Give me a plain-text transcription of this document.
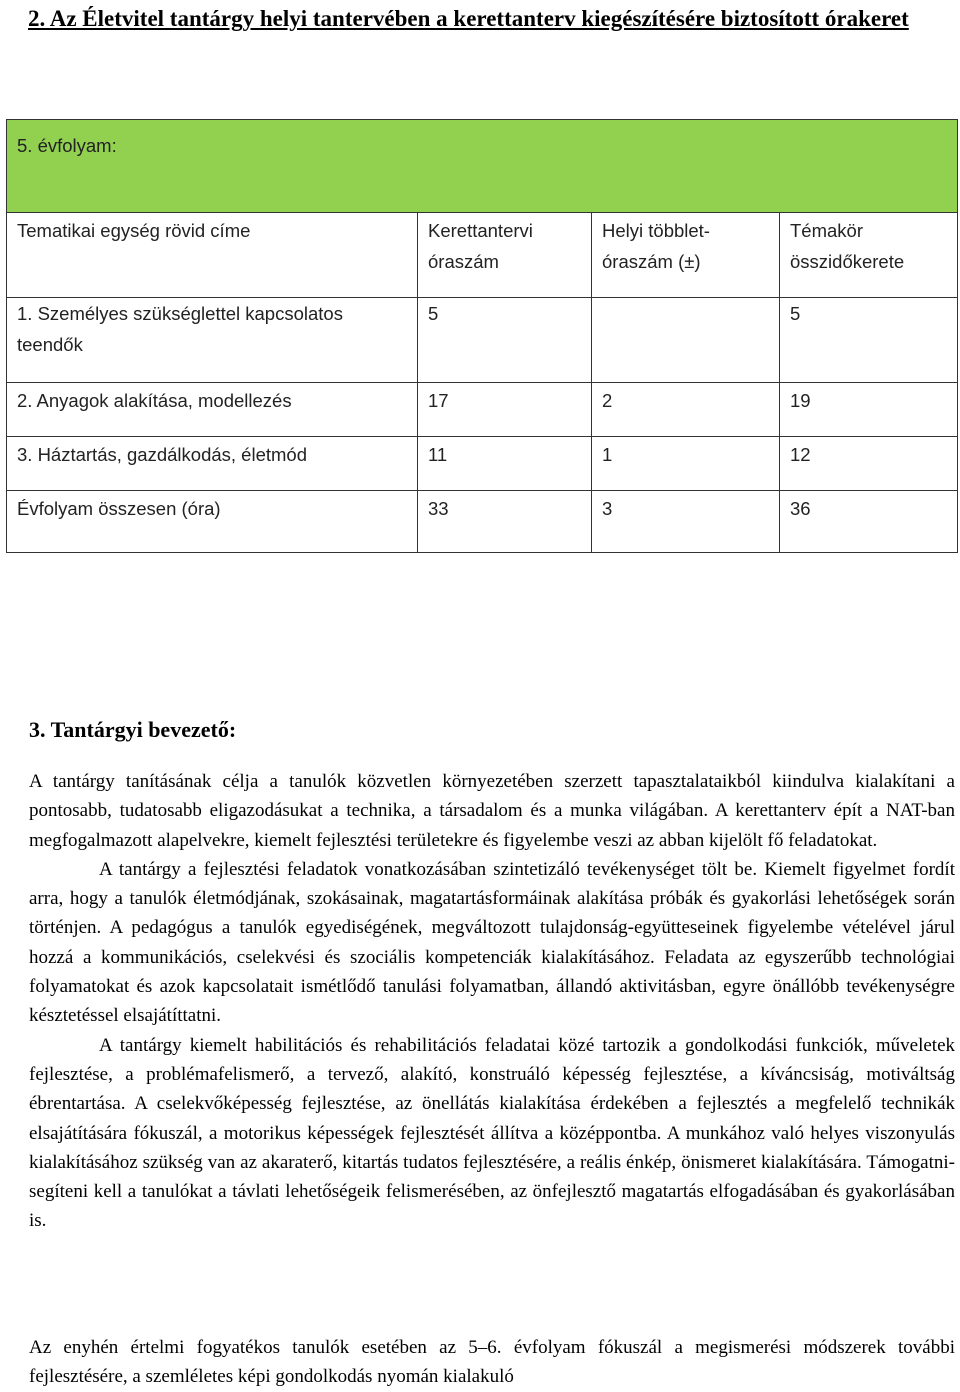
2. Az Életvitel tantárgy helyi tantervében a kerettanterv kiegészítésére biztosított órakeret
5. évfolyam:			
Tematikai egység rövid címe	Kerettantervi óraszám	Helyi többlet-óraszám (±)	Témakör összidőkerete
1. Személyes szükséglettel kapcsolatos teendők	5		5
2. Anyagok alakítása, modellezés	17	2	19
3. Háztartás, gazdálkodás, életmód	11	1	12
Évfolyam összesen (óra)	33	3	36
3. Tantárgyi bevezető:

A tantárgy tanításának célja a tanulók közvetlen környezetében szerzett tapasztalataikból kiindulva kialakítani a pontosabb, tudatosabb eligazodásukat a technika, a társadalom és a munka világában. A kerettanterv épít a NAT-ban megfogalmazott alapelvekre, kiemelt fejlesztési területekre és figyelembe veszi az abban kijelölt fő feladatokat.

A tantárgy a fejlesztési feladatok vonatkozásában szintetizáló tevékenységet tölt be. Kiemelt figyelmet fordít arra, hogy a tanulók életmódjának, szokásainak, magatartásformáinak alakítása próbák és gyakorlási lehetőségek során történjen. A pedagógus a tanulók egyediségének, megváltozott tulajdonság-együtteseinek figyelembe vételével járul hozzá a kommunikációs, cselekvési és szociális kompetenciák kialakításához. Feladata az egyszerűbb technológiai folyamatokat és azok kapcsolatait ismétlődő tanulási folyamatban, állandó aktivitásban, egyre önállóbb tevékenységre késztetéssel elsajátíttatni.

A tantárgy kiemelt habilitációs és rehabilitációs feladatai közé tartozik a gondolkodási funkciók, műveletek fejlesztése, a problémafelismerő, a tervező, alakító, konstruáló képesség fejlesztése, a kíváncsiság, motiváltság ébrentartása. A cselekvőképesség fejlesztése, az önellátás kialakítása érdekében a fejlesztés a megfelelő technikák elsajátítására fókuszál, a motorikus képességek fejlesztését állítva a középpontba. A munkához való helyes viszonyulás kialakításához szükség van az akaraterő, kitartás tudatos fejlesztésére, a reális énkép, önismeret kialakítására. Támogatni-segíteni kell a tanulókat a távlati lehetőségeik felismerésében, az önfejlesztő magatartás elfogadásában és gyakorlásában is.

Az enyhén értelmi fogyatékos tanulók esetében az 5–6. évfolyam fókuszál a megismerési módszerek további fejlesztésére, a szemléletes képi gondolkodás nyomán kialakuló
